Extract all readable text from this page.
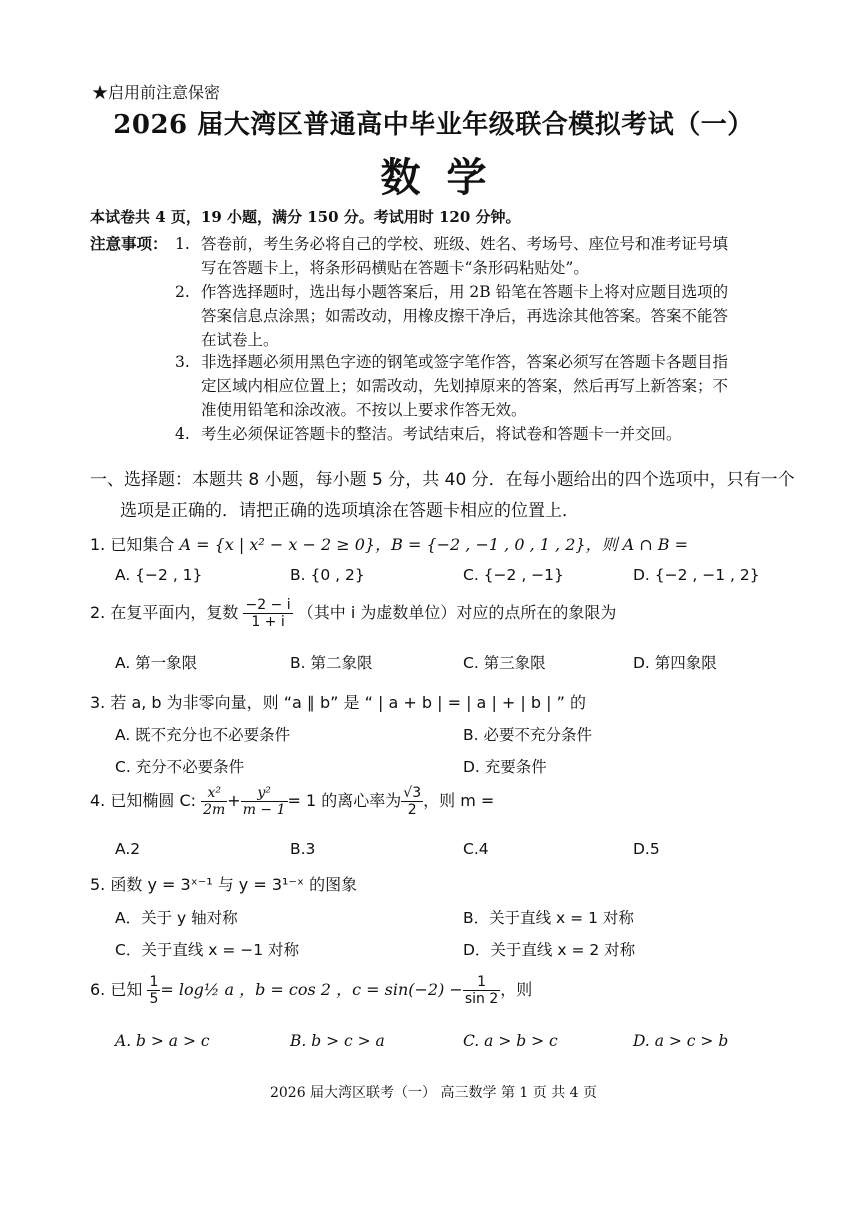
★启用前注意保密
2026 届大湾区普通高中毕业年级联合模拟考试（一）
数学
本试卷共 4 页，19 小题，满分 150 分。考试用时 120 分钟。
注意事项： 1. 答卷前，考生务必将自己的学校、班级、姓名、考场号、座位号和准考证号填
写在答题卡上，将条形码横贴在答题卡“条形码粘贴处”。
2. 作答选择题时，选出每小题答案后，用 2B 铅笔在答题卡上将对应题目选项的
答案信息点涂黑；如需改动，用橡皮擦干净后，再选涂其他答案。答案不能答
在试卷上。
3. 非选择题必须用黑色字迹的钢笔或签字笔作答，答案必须写在答题卡各题目指
定区域内相应位置上；如需改动，先划掉原来的答案，然后再写上新答案；不
准使用铅笔和涂改液。不按以上要求作答无效。
4. 考生必须保证答题卡的整洁。考试结束后，将试卷和答题卡一并交回。
一、选择题：本题共 8 小题，每小题 5 分，共 40 分．在每小题给出的四个选项中，只有一个
选项是正确的．请把正确的选项填涂在答题卡相应的位置上．
1. 已知集合 A = {x | x² − x − 2 ≥ 0}，B = {−2 , −1 , 0 , 1 , 2}，则 A ∩ B =
A. {−2 , 1}	B. {0 , 2}	C. {−2 , −1}	D. {−2 , −1 , 2}
2. 在复平面内，复数 $\frac{-2 - i}{1 + i}$ （其中 i 为虚数单位）对应的点所在的象限为
A. 第一象限	B. 第二象限	C. 第三象限	D. 第四象限
3. 若 a, b 为非零向量，则 “a ∥ b” 是 “ | a + b | = | a | + | b | ” 的
A. 既不充分也不必要条件	B. 必要不充分条件
C. 充分不必要条件	D. 充要条件
4. 已知椭圆 C: $\frac{\text{x²}}{2m} + \frac{\text{y²}}{m - 1} = 1$ 的离心率为 $\frac{√3}{2}$ ，则 m =
A.2	B.3	C.4	D.5
5. 函数 y = 3ˣ⁻¹ 与 y = 3¹⁻ˣ 的图象
A．关于 y 轴对称	B．关于直线 x = 1 对称
C．关于直线 x = −1 对称	D．关于直线 x = 2 对称
6. 已知 $\frac{1}{5}$ = log½ a ，b = cos 2 ，$c = \sin(-2) - \frac{1}{\sin 2}$ ，则
A. b > a > c	B. b > c > a	C. a > b > c	D. a > c > b
2026 届大湾区联考（一） 高三数学 第 1 页 共 4 页
